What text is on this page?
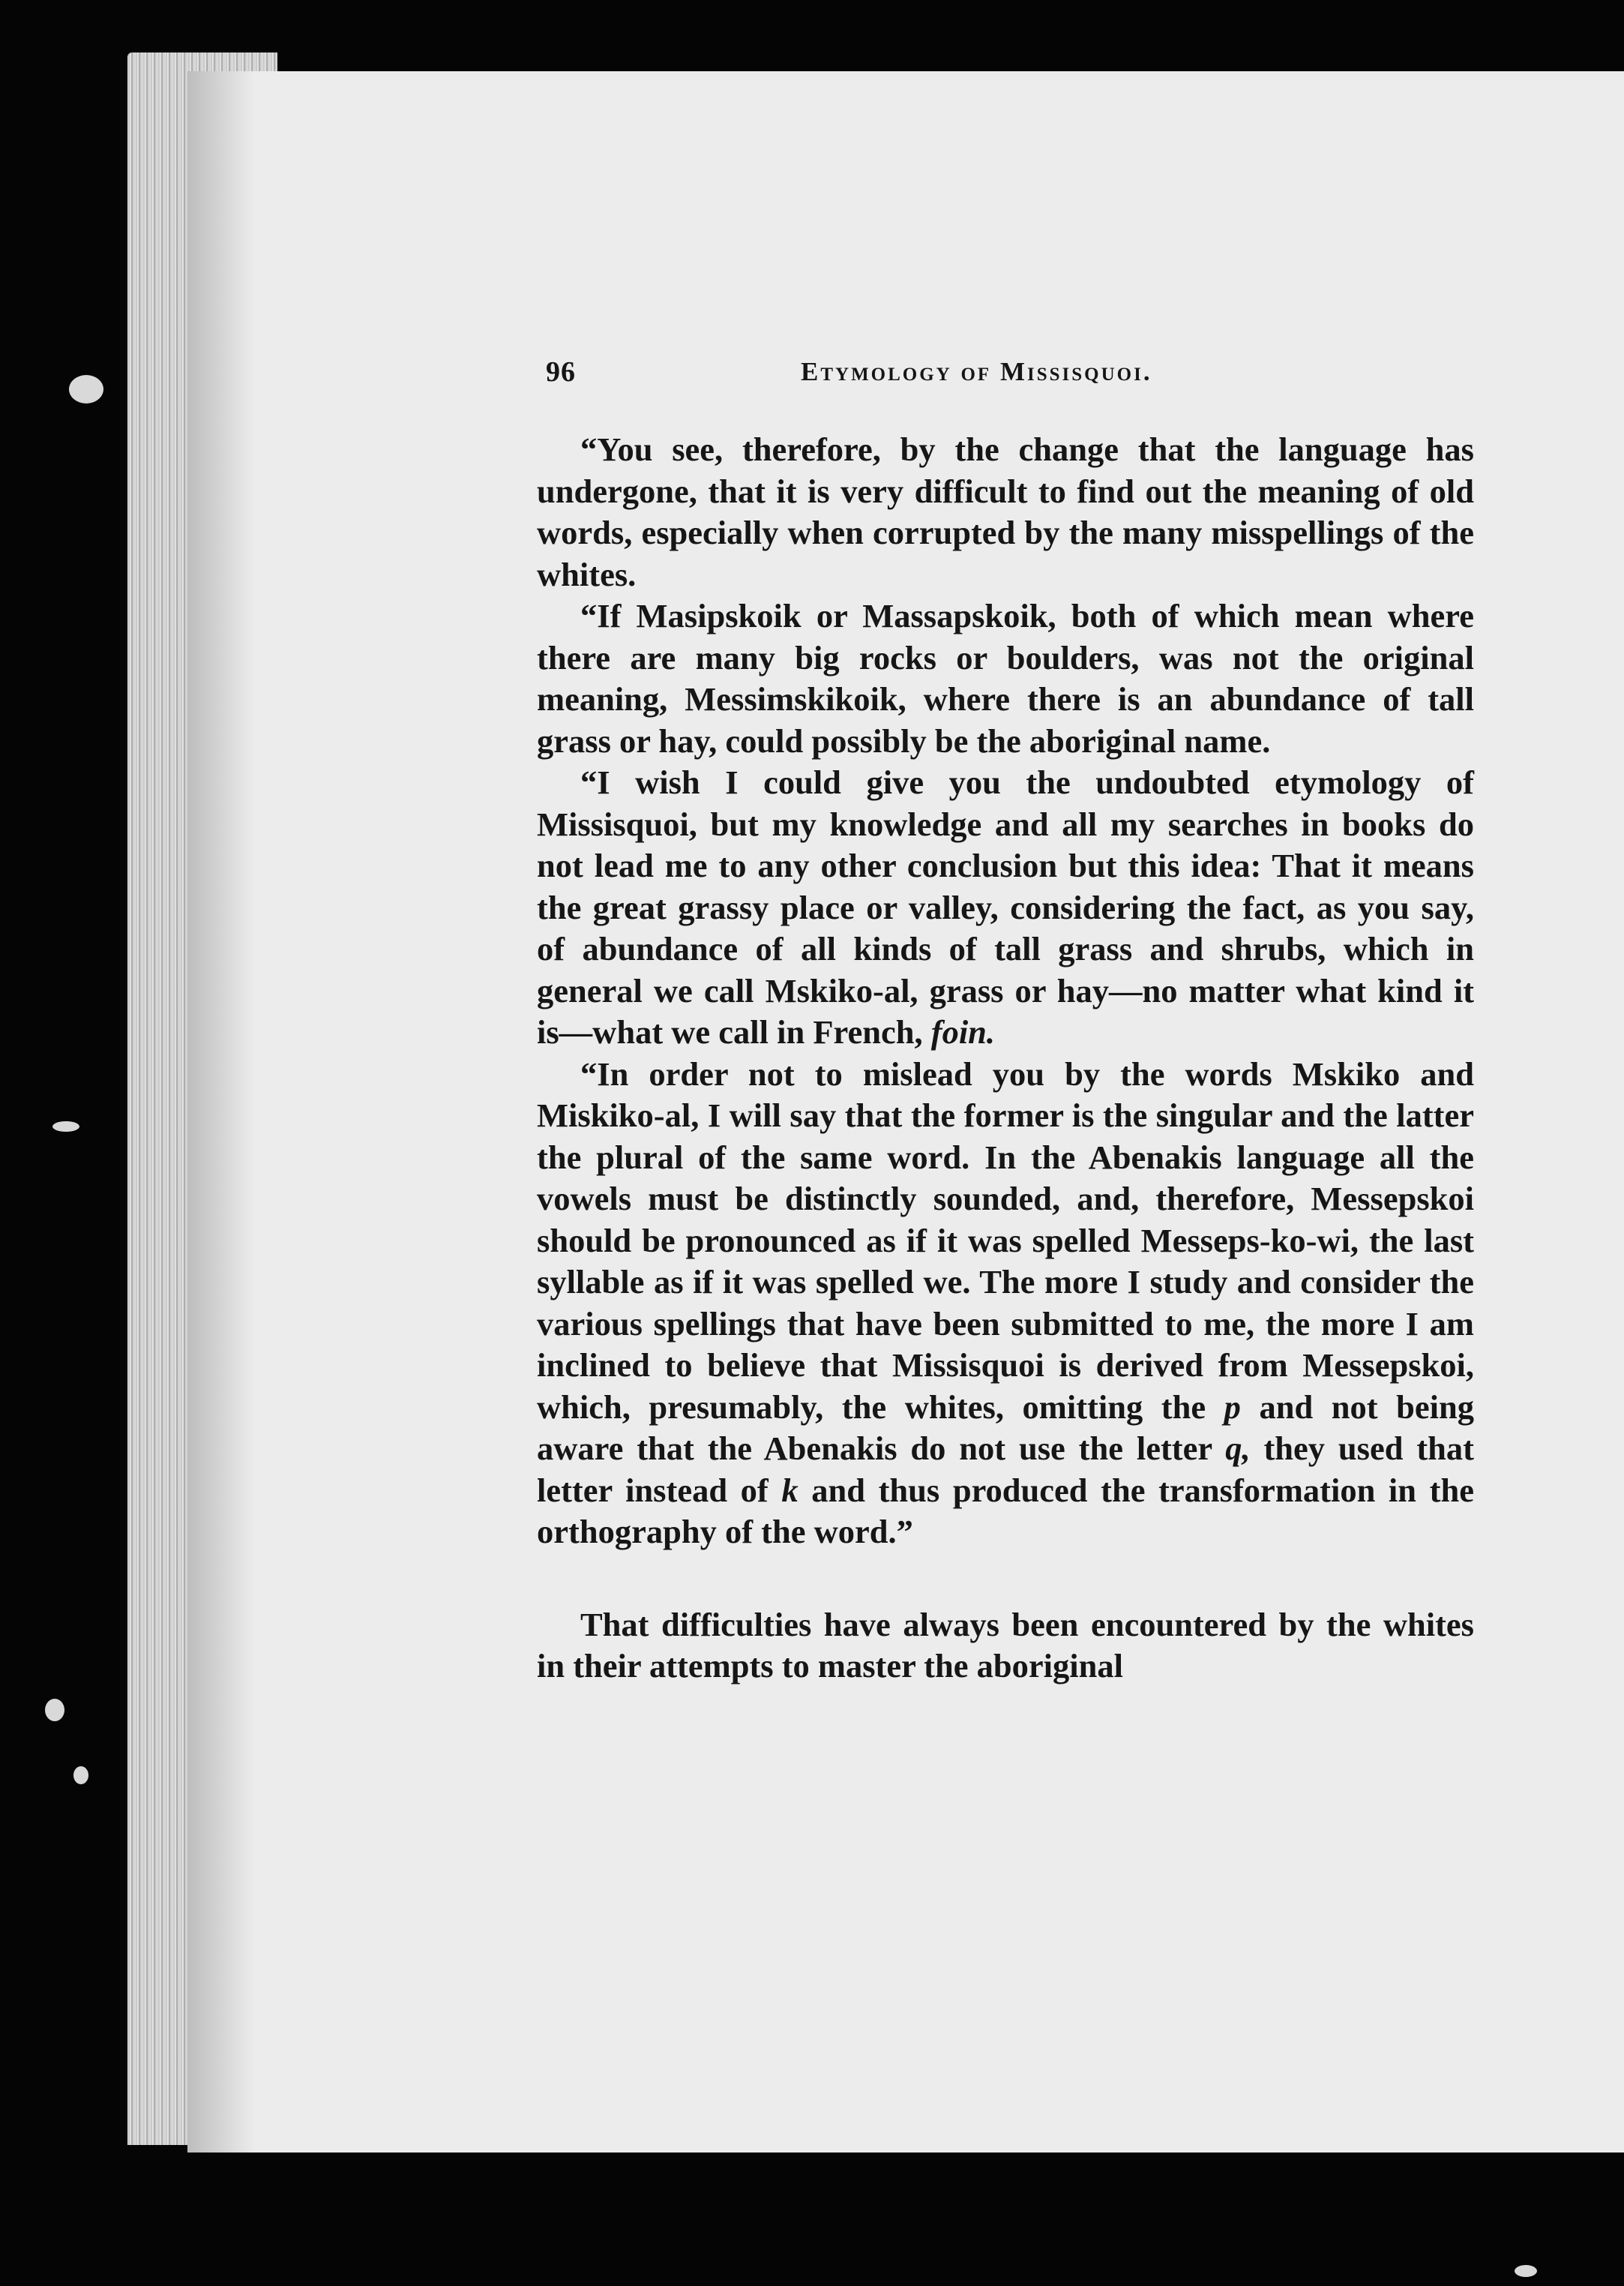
96	Etymology of Missisquoi.

“You see, therefore, by the change that the language has undergone, that it is very difficult to find out the meaning of old words, especially when corrupted by the many misspellings of the whites.

“If Masipskoik or Massapskoik, both of which mean where there are many big rocks or boulders, was not the original meaning, Messimskikoik, where there is an abundance of tall grass or hay, could possibly be the aboriginal name.

“I wish I could give you the undoubted etymology of Missisquoi, but my knowledge and all my searches in books do not lead me to any other conclusion but this idea: That it means the great grassy place or valley, considering the fact, as you say, of abundance of all kinds of tall grass and shrubs, which in general we call Mskiko-al, grass or hay—no matter what kind it is—what we call in French, foin.

“In order not to mislead you by the words Mskiko and Miskiko-al, I will say that the former is the singular and the latter the plural of the same word. In the Abenakis language all the vowels must be distinctly sounded, and, therefore, Messepskoi should be pronounced as if it was spelled Messeps-ko-wi, the last syllable as if it was spelled we. The more I study and consider the various spellings that have been submitted to me, the more I am inclined to believe that Missisquoi is derived from Messepskoi, which, presumably, the whites, omitting the p and not being aware that the Abenakis do not use the letter q, they used that letter instead of k and thus produced the transformation in the orthography of the word.”

That difficulties have always been encountered by the whites in their attempts to master the aboriginal
